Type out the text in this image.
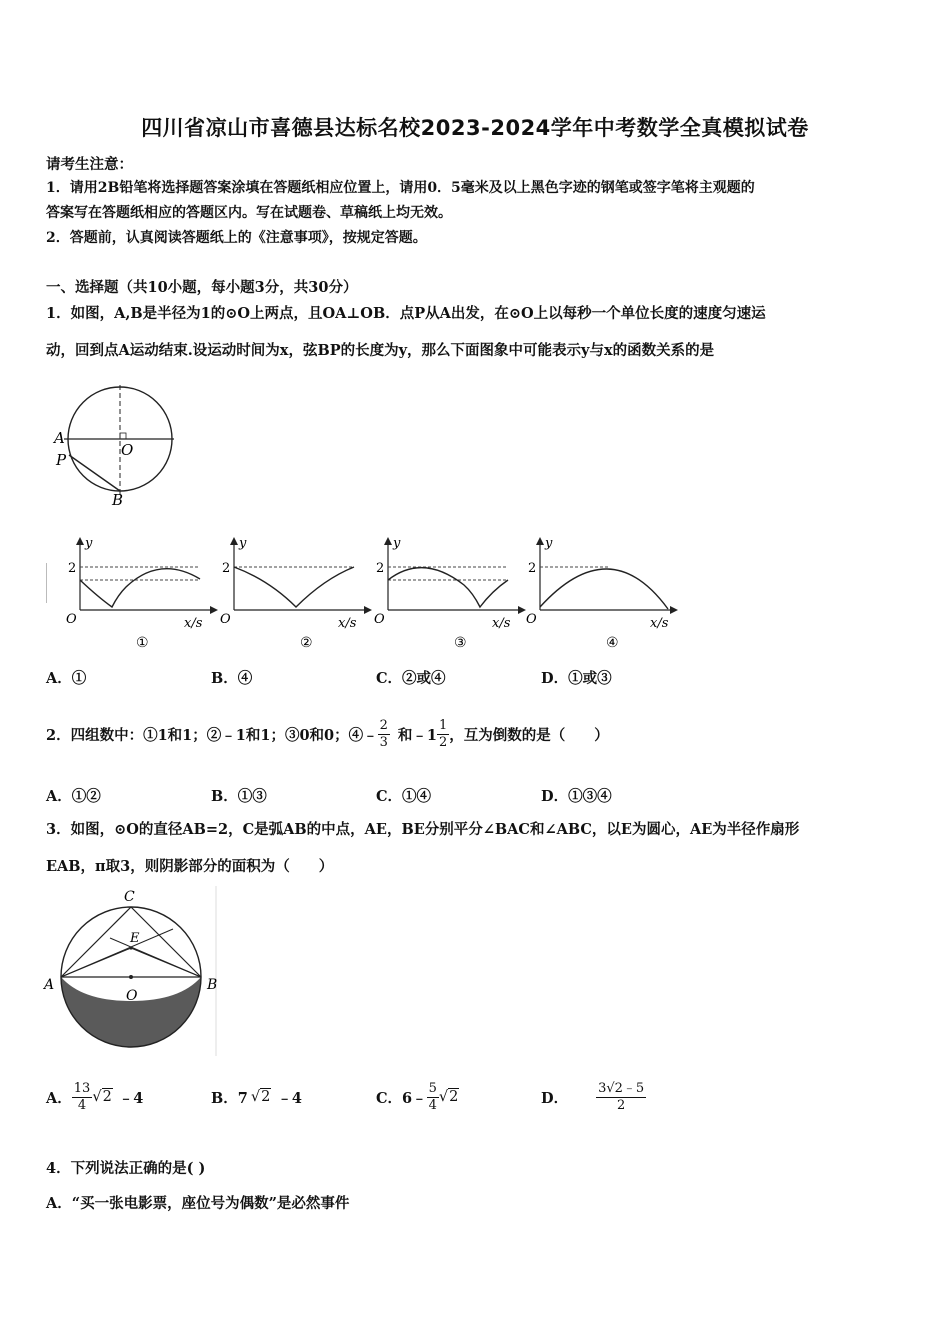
四川省凉山市喜德县达标名校2023-2024学年中考数学全真模拟试卷
请考生注意：
1．请用2B铅笔将选择题答案涂填在答题纸相应位置上，请用0．5毫米及以上黑色字迹的钢笔或签字笔将主观题的
答案写在答题纸相应的答题区内。写在试题卷、草稿纸上均无效。
2．答题前，认真阅读答题纸上的《注意事项》，按规定答题。
一、选择题（共10小题，每小题3分，共30分）
1．如图，A,B是半径为1的⊙O上两点，且OA⊥OB．点P从A出发，在⊙O上以每秒一个单位长度的速度匀速运
动，回到点A运动结束.设运动时间为x，弦BP的长度为y，那么下面图象中可能表示y与x的函数关系的是
A
P
O
B
y
2
O	x/s
①
y
2
O	x/s
②
y
2
O	x/s
③
y
2
O	x/s
④
A．①	B．④	C．②或④	D．①或③
2．四组数中：①1和1；②﹣1和1；③0和0；④﹣ $\frac{2}{3}$ 和﹣1 $\frac{1}{2}$ ，互为倒数的是（　　）
A．①②	B．①③	C．①④	D．①③④
3．如图，⊙O的直径AB=2，C是弧AB的中点，AE，BE分别平分∠BAC和∠ABC，以E为圆心，AE为半径作扇形
EAB，π取3，则阴影部分的面积为（　　）
C
E
A	B
O
A． $\frac{13}{4} √2$ ﹣4	B．7 √2 ﹣4	C．6﹣ $\frac{5}{4} √2$	D． $\frac{3√2﹣5}{2}$
4．下列说法正确的是( )
A．“买一张电影票，座位号为偶数”是必然事件
